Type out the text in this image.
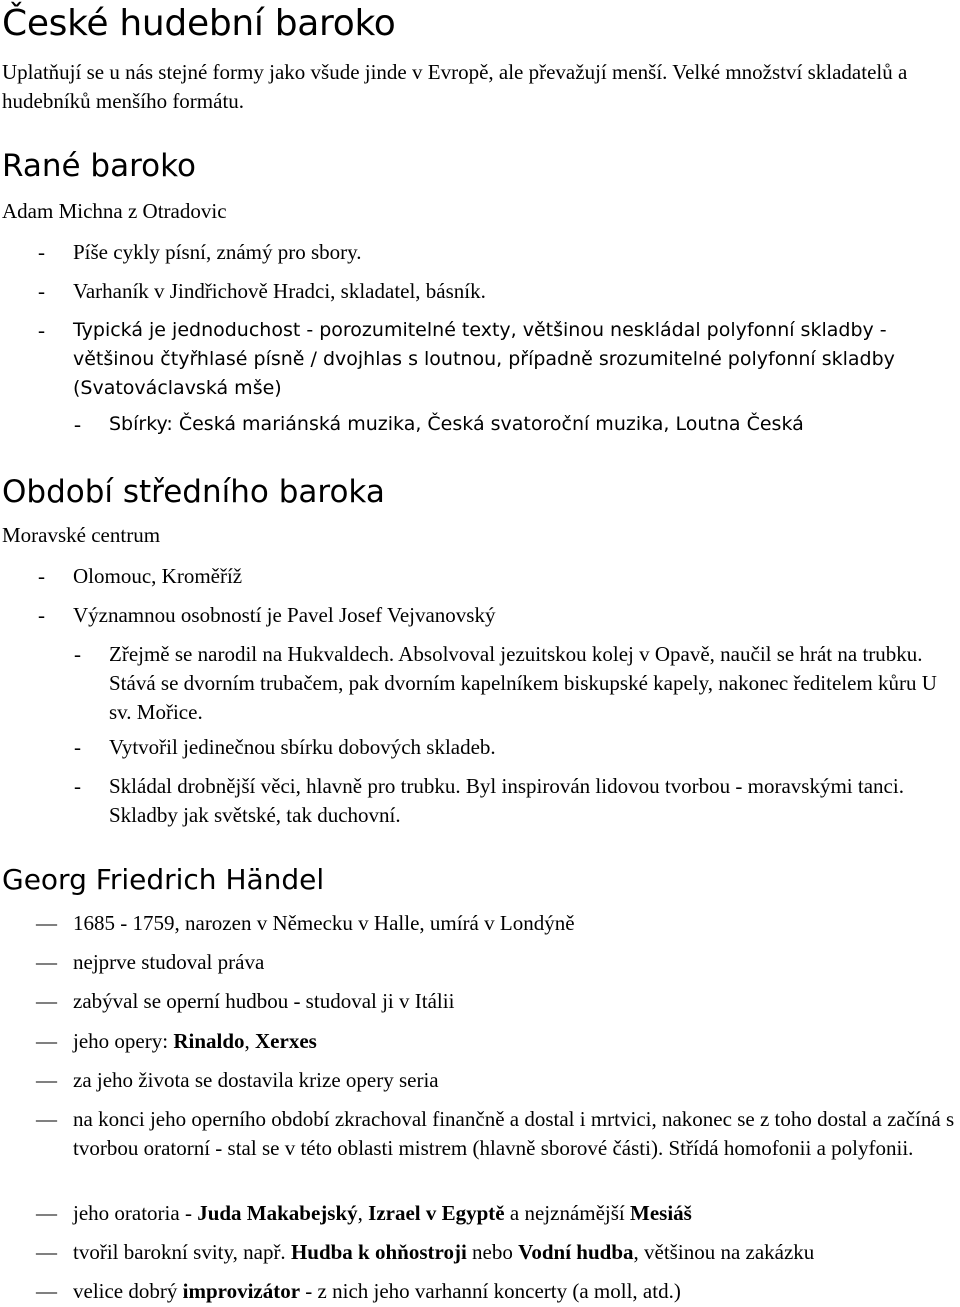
České hudební baroko

Uplatňují se u nás stejné formy jako všude jinde v Evropě, ale převažují menší. Velké množství skladatelů a hudebníků menšího formátu.

Rané baroko

Adam Michna z Otradovic

- Píše cykly písní, známý pro sbory.
- Varhaník v Jindřichově Hradci, skladatel, básník.
- Typická je jednoduchost - porozumitelné texty, většinou neskládal polyfonní skladby - většinou čtyřhlasé písně / dvojhlas s loutnou, případně srozumitelné polyfonní skladby (Svatováclavská mše)
- Sbírky: Česká mariánská muzika, Česká svatoroční muzika, Loutna Česká
Období středního baroka

Moravské centrum

- Olomouc, Kroměříž
- Významnou osobností je Pavel Josef Vejvanovský
- Zřejmě se narodil na Hukvaldech. Absolvoval jezuitskou kolej v Opavě, naučil se hrát na trubku. Stává se dvorním trubačem, pak dvorním kapelníkem biskupské kapely, nakonec ředitelem kůru U sv. Mořice.
- Vytvořil jedinečnou sbírku dobových skladeb.
- Skládal drobnější věci, hlavně pro trubku. Byl inspirován lidovou tvorbou - moravskými tanci. Skladby jak světské, tak duchovní.
Georg Friedrich Händel
— 1685 - 1759, narozen v Německu v Halle, umírá v Londýně
— nejprve studoval práva
— zabýval se operní hudbou - studoval ji v Itálii
— jeho opery: Rinaldo, Xerxes
— za jeho života se dostavila krize opery seria
— na konci jeho operního období zkrachoval finančně a dostal i mrtvici, nakonec se z toho dostal a začíná s tvorbou oratorní - stal se v této oblasti mistrem (hlavně sborové části). Střídá homofonii a polyfonii.
— jeho oratoria - Juda Makabejský, Izrael v Egyptě a nejznámější Mesiáš
— tvořil barokní svity, např. Hudba k ohňostroji nebo Vodní hudba, většinou na zakázku
— velice dobrý improvizátor - z nich jeho varhanní koncerty (a moll, atd.)
